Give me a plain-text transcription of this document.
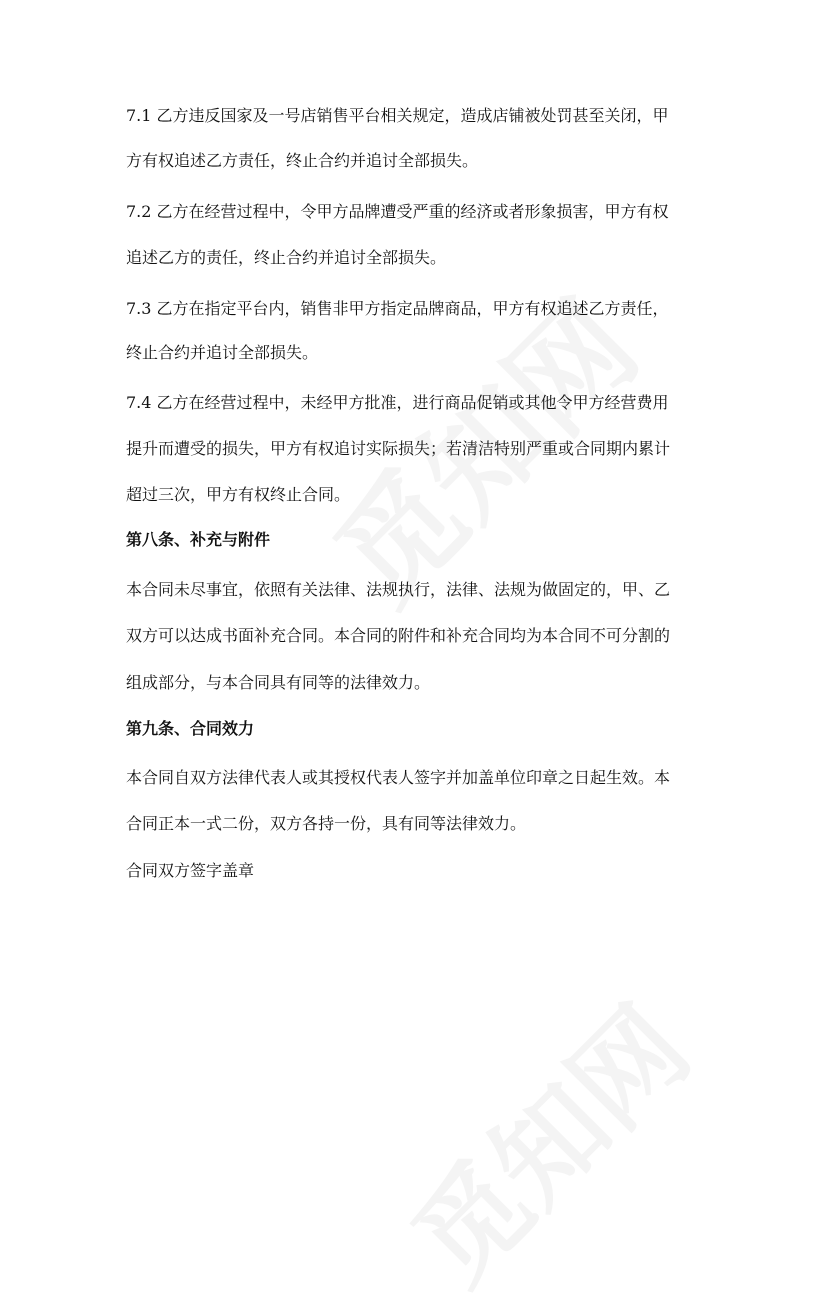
7.1 乙方违反国家及一号店销售平台相关规定，造成店铺被处罚甚至关闭，甲

方有权追述乙方责任，终止合约并追讨全部损失。

7.2 乙方在经营过程中，令甲方品牌遭受严重的经济或者形象损害，甲方有权

追述乙方的责任，终止合约并追讨全部损失。

7.3 乙方在指定平台内，销售非甲方指定品牌商品，甲方有权追述乙方责任，

终止合约并追讨全部损失。

7.4 乙方在经营过程中，未经甲方批准，进行商品促销或其他令甲方经营费用

提升而遭受的损失，甲方有权追讨实际损失；若清洁特别严重或合同期内累计

超过三次，甲方有权终止合同。

第八条、补充与附件

本合同未尽事宜，依照有关法律、法规执行，法律、法规为做固定的，甲、乙

双方可以达成书面补充合同。本合同的附件和补充合同均为本合同不可分割的

组成部分，与本合同具有同等的法律效力。

第九条、合同效力

本合同自双方法律代表人或其授权代表人签字并加盖单位印章之日起生效。本

合同正本一式二份，双方各持一份，具有同等法律效力。

合同双方签字盖章
